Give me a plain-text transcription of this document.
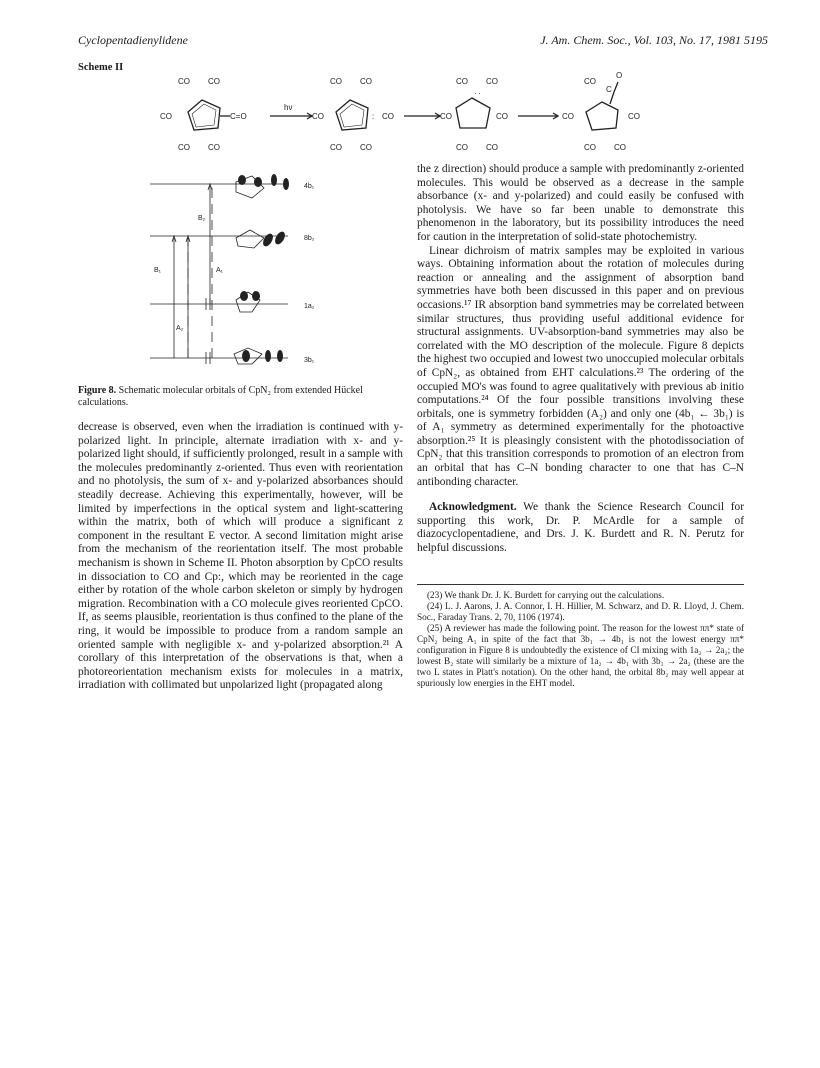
Cyclopentadienylidene	J. Am. Chem. Soc., Vol. 103, No. 17, 1981 5195
Scheme II
CO CO
CO
CO CO
C=O
hν
CO CO
CO
CO CO
: CO
CO CO
· ·
CO	CO
CO CO
CO
C
O
CO	CO
CO CO
4b₁
8b₂
1a₂
3b₁
B₂
B₁	A₁
A₂
Figure 8. Schematic molecular orbitals of CpN₂ from extended Hückel calculations.

decrease is observed, even when the irradiation is continued with y-polarized light. In principle, alternate irradiation with x- and y-polarized light should, if sufficiently prolonged, result in a sample with the molecules predominantly z-oriented. Thus even with reorientation and no photolysis, the sum of x- and y-polarized absorbances should steadily decrease. Achieving this experimentally, however, will be limited by imperfections in the optical system and light-scattering within the matrix, both of which will produce a significant z component in the resultant E vector. A second limitation might arise from the mechanism of the reorientation itself. The most probable mechanism is shown in Scheme II. Photon absorption by CpCO results in dissociation to CO and Cp:, which may be reoriented in the cage either by rotation of the whole carbon skeleton or simply by hydrogen migration. Recombination with a CO molecule gives reoriented CpCO. If, as seems plausible, reorientation is thus confined to the plane of the ring, it would be impossible to produce from a random sample an oriented sample with negligible x- and y-polarized absorption.²¹ A corollary of this interpretation of the observations is that, when a photoreorientation mechanism exists for molecules in a matrix, irradiation with collimated but unpolarized light (propagated along

the z direction) should produce a sample with predominantly z-oriented molecules. This would be observed as a decrease in the sample absorbance (x- and y-polarized) and could easily be confused with photolysis. We have so far been unable to demonstrate this phenomenon in the laboratory, but its possibility introduces the need for caution in the interpretation of solid-state photochemistry.

Linear dichroism of matrix samples may be exploited in various ways. Obtaining information about the rotation of molecules during reaction or annealing and the assignment of absorption band symmetries have both been discussed in this paper and on previous occasions.¹⁷ IR absorption band symmetries may be correlated between similar structures, thus providing useful additional evidence for structural assignments. UV-absorption-band symmetries may also be correlated with the MO description of the molecule. Figure 8 depicts the highest two occupied and lowest two unoccupied molecular orbitals of CpN₂, as obtained from EHT calculations.²³ The ordering of the occupied MO's was found to agree qualitatively with previous ab initio computations.²⁴ Of the four possible transitions involving these orbitals, one is symmetry forbidden (A₂) and only one (4b₁ ← 3b₁) is of A₁ symmetry as determined experimentally for the photoactive absorption.²⁵ It is pleasingly consistent with the photodissociation of CpN₂ that this transition corresponds to promotion of an electron from an orbital that has C–N bonding character to one that has C–N antibonding character.

Acknowledgment. We thank the Science Research Council for supporting this work, Dr. P. McArdle for a sample of diazocyclopentadiene, and Drs. J. K. Burdett and R. N. Perutz for helpful discussions.

(23) We thank Dr. J. K. Burdett for carrying out the calculations.

(24) L. J. Aarons, J. A. Connor, I. H. Hillier, M. Schwarz, and D. R. Lloyd, J. Chem. Soc., Faraday Trans. 2, 70, 1106 (1974).

(25) A reviewer has made the following point. The reason for the lowest ππ* state of CpN₂ being A₁ in spite of the fact that 3b₁ → 4b₁ is not the lowest energy ππ* configuration in Figure 8 is undoubtedly the existence of CI mixing with 1a₂ → 2a₂; the lowest B₂ state will similarly be a mixture of 1a₂ → 4b₁ with 3b₁ → 2a₂ (these are the two L states in Platt's notation). On the other hand, the orbital 8b₂ may well appear at spuriously low energies in the EHT model.
